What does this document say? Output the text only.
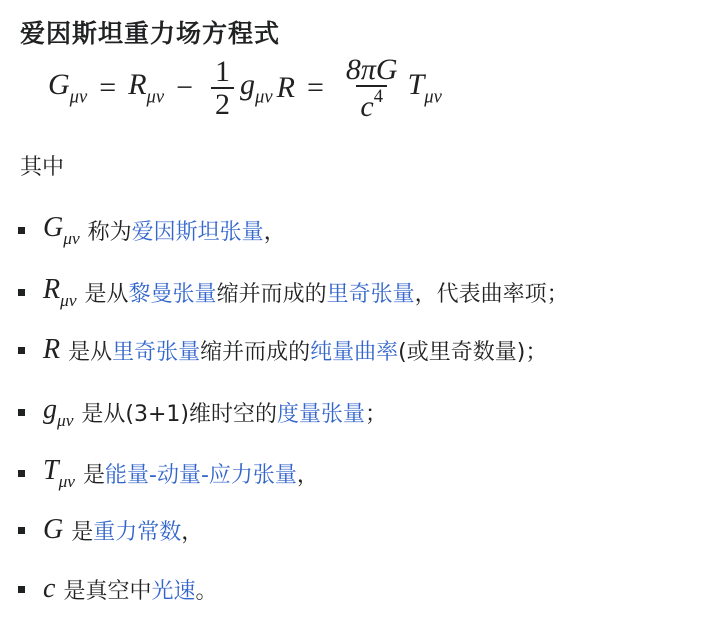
爱因斯坦重力场方程式
$G_{\mu\nu} = R_{\mu\nu} - \frac{1}{2} g_{\mu\nu}$ $R = \frac{8\pi G}{c^4} T_{\mu\nu}$
其中
$G_{\mu\nu}$ 称为 爱因斯坦张量 ，
$R_{\mu\nu}$ 是从 黎曼张量 缩并而成的 里奇张量 ，代表曲率项；
R 是从 里奇张量 缩并而成的 纯量曲率 (或里奇数量)；
$g_{\mu\nu}$ 是从(3+1)维时空的 度量张量 ；
$T_{\mu\nu}$ 是 能量-动量-应力张量 ，
G 是 重力常数 ，
c 是真空中 光速 。
